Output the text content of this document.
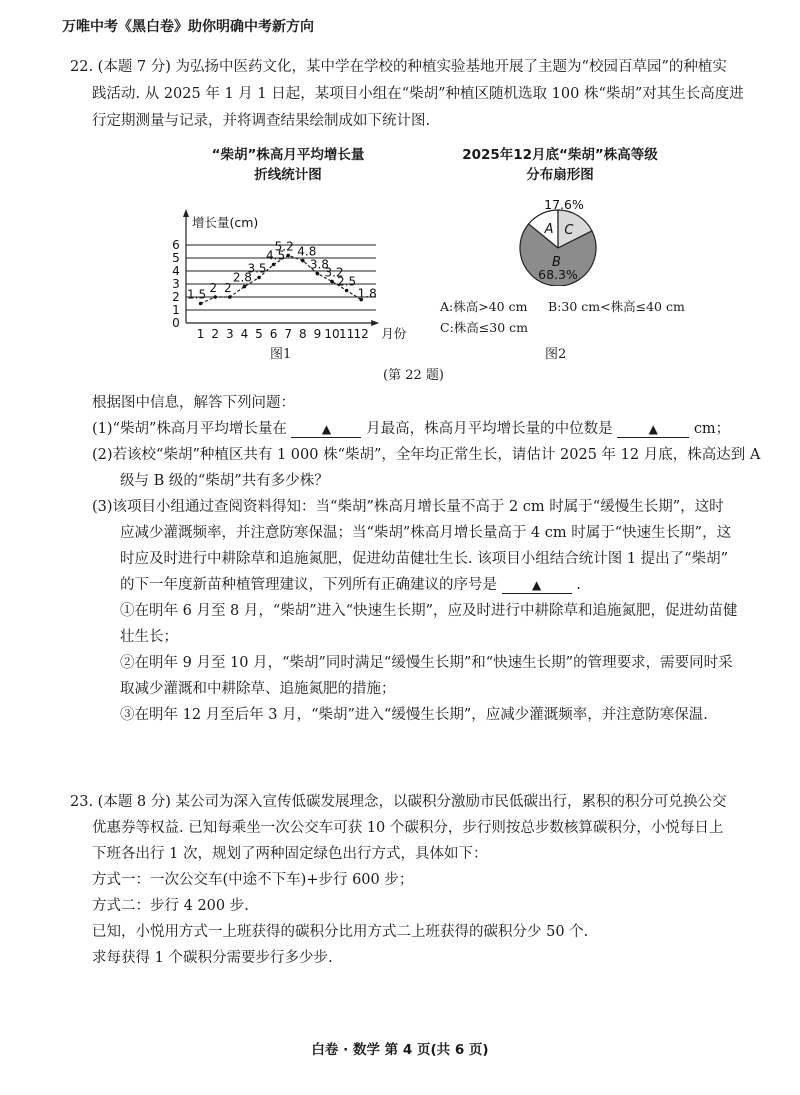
万唯中考《黑白卷》助你明确中考新方向
22. (本题 7 分) 为弘扬中医药文化，某中学在学校的种植实验基地开展了主题为“校园百草园”的种植实
践活动. 从 2025 年 1 月 1 日起，某项目小组在“柴胡”种植区随机选取 100 株“柴胡”对其生长高度进
行定期测量与记录，并将调查结果绘制成如下统计图.
“柴胡”株高月平均增长量
折线统计图
2025年12月底“柴胡”株高等级
分布扇形图
0
1
2
3
4
5
6
增长量(cm)
1 2 3 4 5 6 7 8 9 10 11 12 月份
1.5 2 2
2.8
3.5
4.5
5.2 4.8
3.8
3.2
2.5
1.8
A C
17.6%
B
68.3%
A:株高>40 cm B:30 cm<株高≤40 cm
C:株高≤30 cm
图1	图2
(第 22 题)
根据图中信息，解答下列问题：
(1)“柴胡”株高月平均增长量在	▲ 月最高，株高月平均增长量的中位数是	▲ cm；
(2)若该校“柴胡”种植区共有 1 000 株“柴胡”，全年均正常生长，请估计 2025 年 12 月底，株高达到 A
级与 B 级的“柴胡”共有多少株？
(3)该项目小组通过查阅资料得知：当“柴胡”株高月增长量不高于 2 cm 时属于“缓慢生长期”，这时
应减少灌溉频率，并注意防寒保温；当“柴胡”株高月增长量高于 4 cm 时属于“快速生长期”，这
时应及时进行中耕除草和追施氮肥，促进幼苗健壮生长. 该项目小组结合统计图 1 提出了“柴胡”
的下一年度新苗种植管理建议，下列所有正确建议的序号是	▲ .
①在明年 6 月至 8 月，“柴胡”进入“快速生长期”，应及时进行中耕除草和追施氮肥，促进幼苗健
壮生长；
②在明年 9 月至 10 月，“柴胡”同时满足“缓慢生长期”和“快速生长期”的管理要求，需要同时采
取减少灌溉和中耕除草、追施氮肥的措施；
③在明年 12 月至后年 3 月，“柴胡”进入“缓慢生长期”，应减少灌溉频率，并注意防寒保温.
23. (本题 8 分) 某公司为深入宣传低碳发展理念，以碳积分激励市民低碳出行，累积的积分可兑换公交
优惠券等权益. 已知每乘坐一次公交车可获 10 个碳积分，步行则按总步数核算碳积分，小悦每日上
下班各出行 1 次，规划了两种固定绿色出行方式，具体如下：
方式一：一次公交车(中途不下车)+步行 600 步；
方式二：步行 4 200 步.
已知，小悦用方式一上班获得的碳积分比用方式二上班获得的碳积分少 50 个.
求每获得 1 个碳积分需要步行多少步.
白卷 · 数学 第 4 页(共 6 页)
